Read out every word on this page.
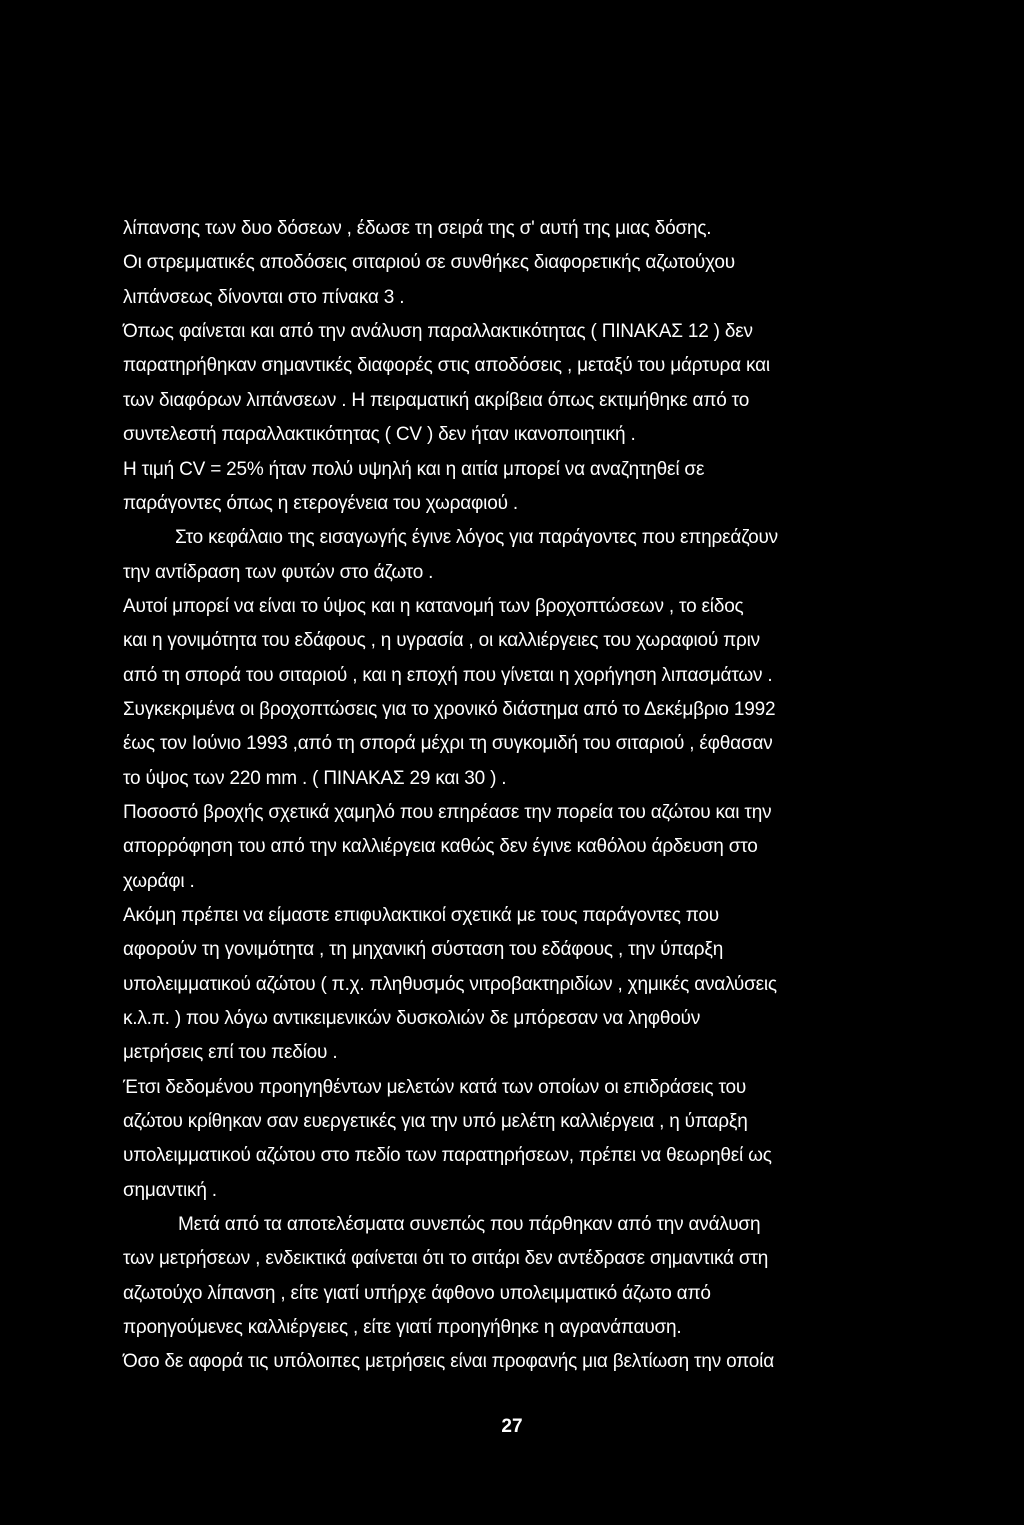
λίπανσης των δυο δόσεων , έδωσε τη σειρά της σ' αυτή της μιας δόσης.
Οι στρεμματικές αποδόσεις σιταριού σε συνθήκες διαφορετικής αζωτούχου
λιπάνσεως δίνονται στο πίνακα 3 .
Όπως φαίνεται και από την ανάλυση παραλλακτικότητας ( ΠΙΝΑΚΑΣ 12 ) δεν
παρατηρήθηκαν σημαντικές διαφορές στις αποδόσεις , μεταξύ του μάρτυρα και
των διαφόρων λιπάνσεων . Η πειραματική ακρίβεια όπως εκτιμήθηκε από το
συντελεστή παραλλακτικότητας ( CV ) δεν ήταν ικανοποιητική .
Η τιμή CV = 25% ήταν πολύ υψηλή και η αιτία μπορεί να αναζητηθεί σε
παράγοντες όπως η ετερογένεια του χωραφιού .
Στο κεφάλαιο της εισαγωγής έγινε λόγος για παράγοντες που επηρεάζουν
την αντίδραση των φυτών στο άζωτο .
Αυτοί μπορεί να είναι το ύψος και η κατανομή των βροχοπτώσεων , το είδος
και η γονιμότητα του εδάφους , η υγρασία , οι καλλιέργειες του χωραφιού πριν
από τη σπορά του σιταριού , και η εποχή που γίνεται η χορήγηση λιπασμάτων .
Συγκεκριμένα οι βροχοπτώσεις για το χρονικό διάστημα από το Δεκέμβριο 1992
έως τον Ιούνιο 1993 ,από τη σπορά μέχρι τη συγκομιδή του σιταριού , έφθασαν
το ύψος των 220 mm . ( ΠΙΝΑΚΑΣ 29 και 30 ) .
Ποσοστό βροχής σχετικά χαμηλό που επηρέασε την πορεία του αζώτου και την
απορρόφηση του από την καλλιέργεια καθώς δεν έγινε καθόλου άρδευση στο
χωράφι .
Ακόμη πρέπει να είμαστε επιφυλακτικοί σχετικά με τους παράγοντες που
αφορούν τη γονιμότητα , τη μηχανική σύσταση του εδάφους , την ύπαρξη
υπολειμματικού αζώτου ( π.χ. πληθυσμός νιτροβακτηριδίων , χημικές αναλύσεις
κ.λ.π. ) που λόγω αντικειμενικών δυσκολιών δε μπόρεσαν να ληφθούν
μετρήσεις επί του πεδίου .
Έτσι δεδομένου προηγηθέντων μελετών κατά των οποίων οι επιδράσεις του
αζώτου κρίθηκαν σαν ευεργετικές για την υπό μελέτη καλλιέργεια , η ύπαρξη
υπολειμματικού αζώτου στο πεδίο των παρατηρήσεων, πρέπει να θεωρηθεί ως
σημαντική .
Μετά από τα αποτελέσματα συνεπώς που πάρθηκαν από την ανάλυση
των μετρήσεων , ενδεικτικά φαίνεται ότι το σιτάρι δεν αντέδρασε σημαντικά στη
αζωτούχο λίπανση , είτε γιατί υπήρχε άφθονο υπολειμματικό άζωτο από
προηγούμενες καλλιέργειες , είτε γιατί προηγήθηκε η αγρανάπαυση.
Όσο δε αφορά τις υπόλοιπες μετρήσεις είναι προφανής μια βελτίωση την οποία
27
